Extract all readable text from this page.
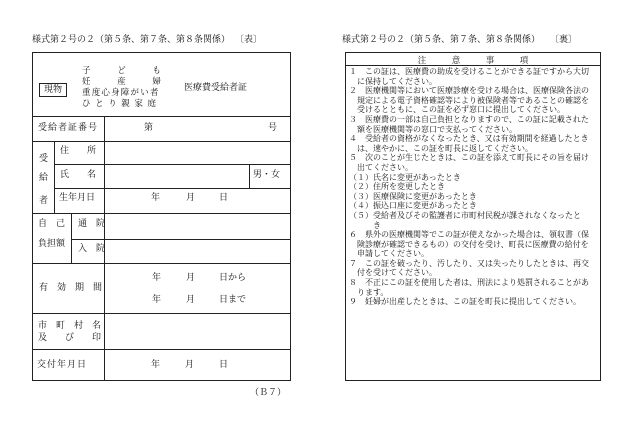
様式第２号の２（第５条、第７条、第８条関係） 〔表〕
現物
子　　　ど　　　も
妊　　　産　　　婦
重度心身障がい者
ひとり親家庭
医療費受給者証
受給者証番号	第	号
受
給
者
住　　所
氏　　名	男・女
生年月日	年	月	日
自　己
負担額
通　院
入　院
有　効　期　間
年	月	日から
年	月	日まで
市　町　村　名
及　　び　　印
交付年月日	年	月	日
（Ｂ７）
様式第２号の２（第５条、第７条、第８条関係） 〔裏〕
注　　　意　　　事　　　項
１　この証は、医療費の助成を受けることができる証ですから大切
　に保持してください。
２　医療機関等において医療診療を受ける場合は、医療保険各法の
　規定による電子資格確認等により被保険者等であることの確認を
　受けるとともに、この証を必ず窓口に提出してください。
３　医療費の一部は自己負担となりますので、この証に記載された
　額を医療機関等の窓口で支払ってください。
４　受給者の資格がなくなったとき、又は有効期間を経過したとき
　は、速やかに、この証を町長に返してください。
５　次のことが生じたときは、この証を添えて町長にその旨を届け
　出てください。
（１）氏名に変更があったとき
（２）住所を変更したとき
（３）医療保険に変更があったとき
（４）振込口座に変更があったとき
（５）受給者及びその監護者に市町村民税が課されなくなったと
　　　き
６　県外の医療機関等でこの証が使えなかった場合は、領収書（保
　険診療が確認できるもの）の交付を受け、町長に医療費の給付を
　申請してください。
７　この証を破ったり、汚したり、又は失ったりしたときは、再交
　付を受けてください。
８　不正にこの証を使用した者は、刑法により処罰されることがあ
　ります。
９　妊婦が出産したときは、この証を町長に提出してください。
